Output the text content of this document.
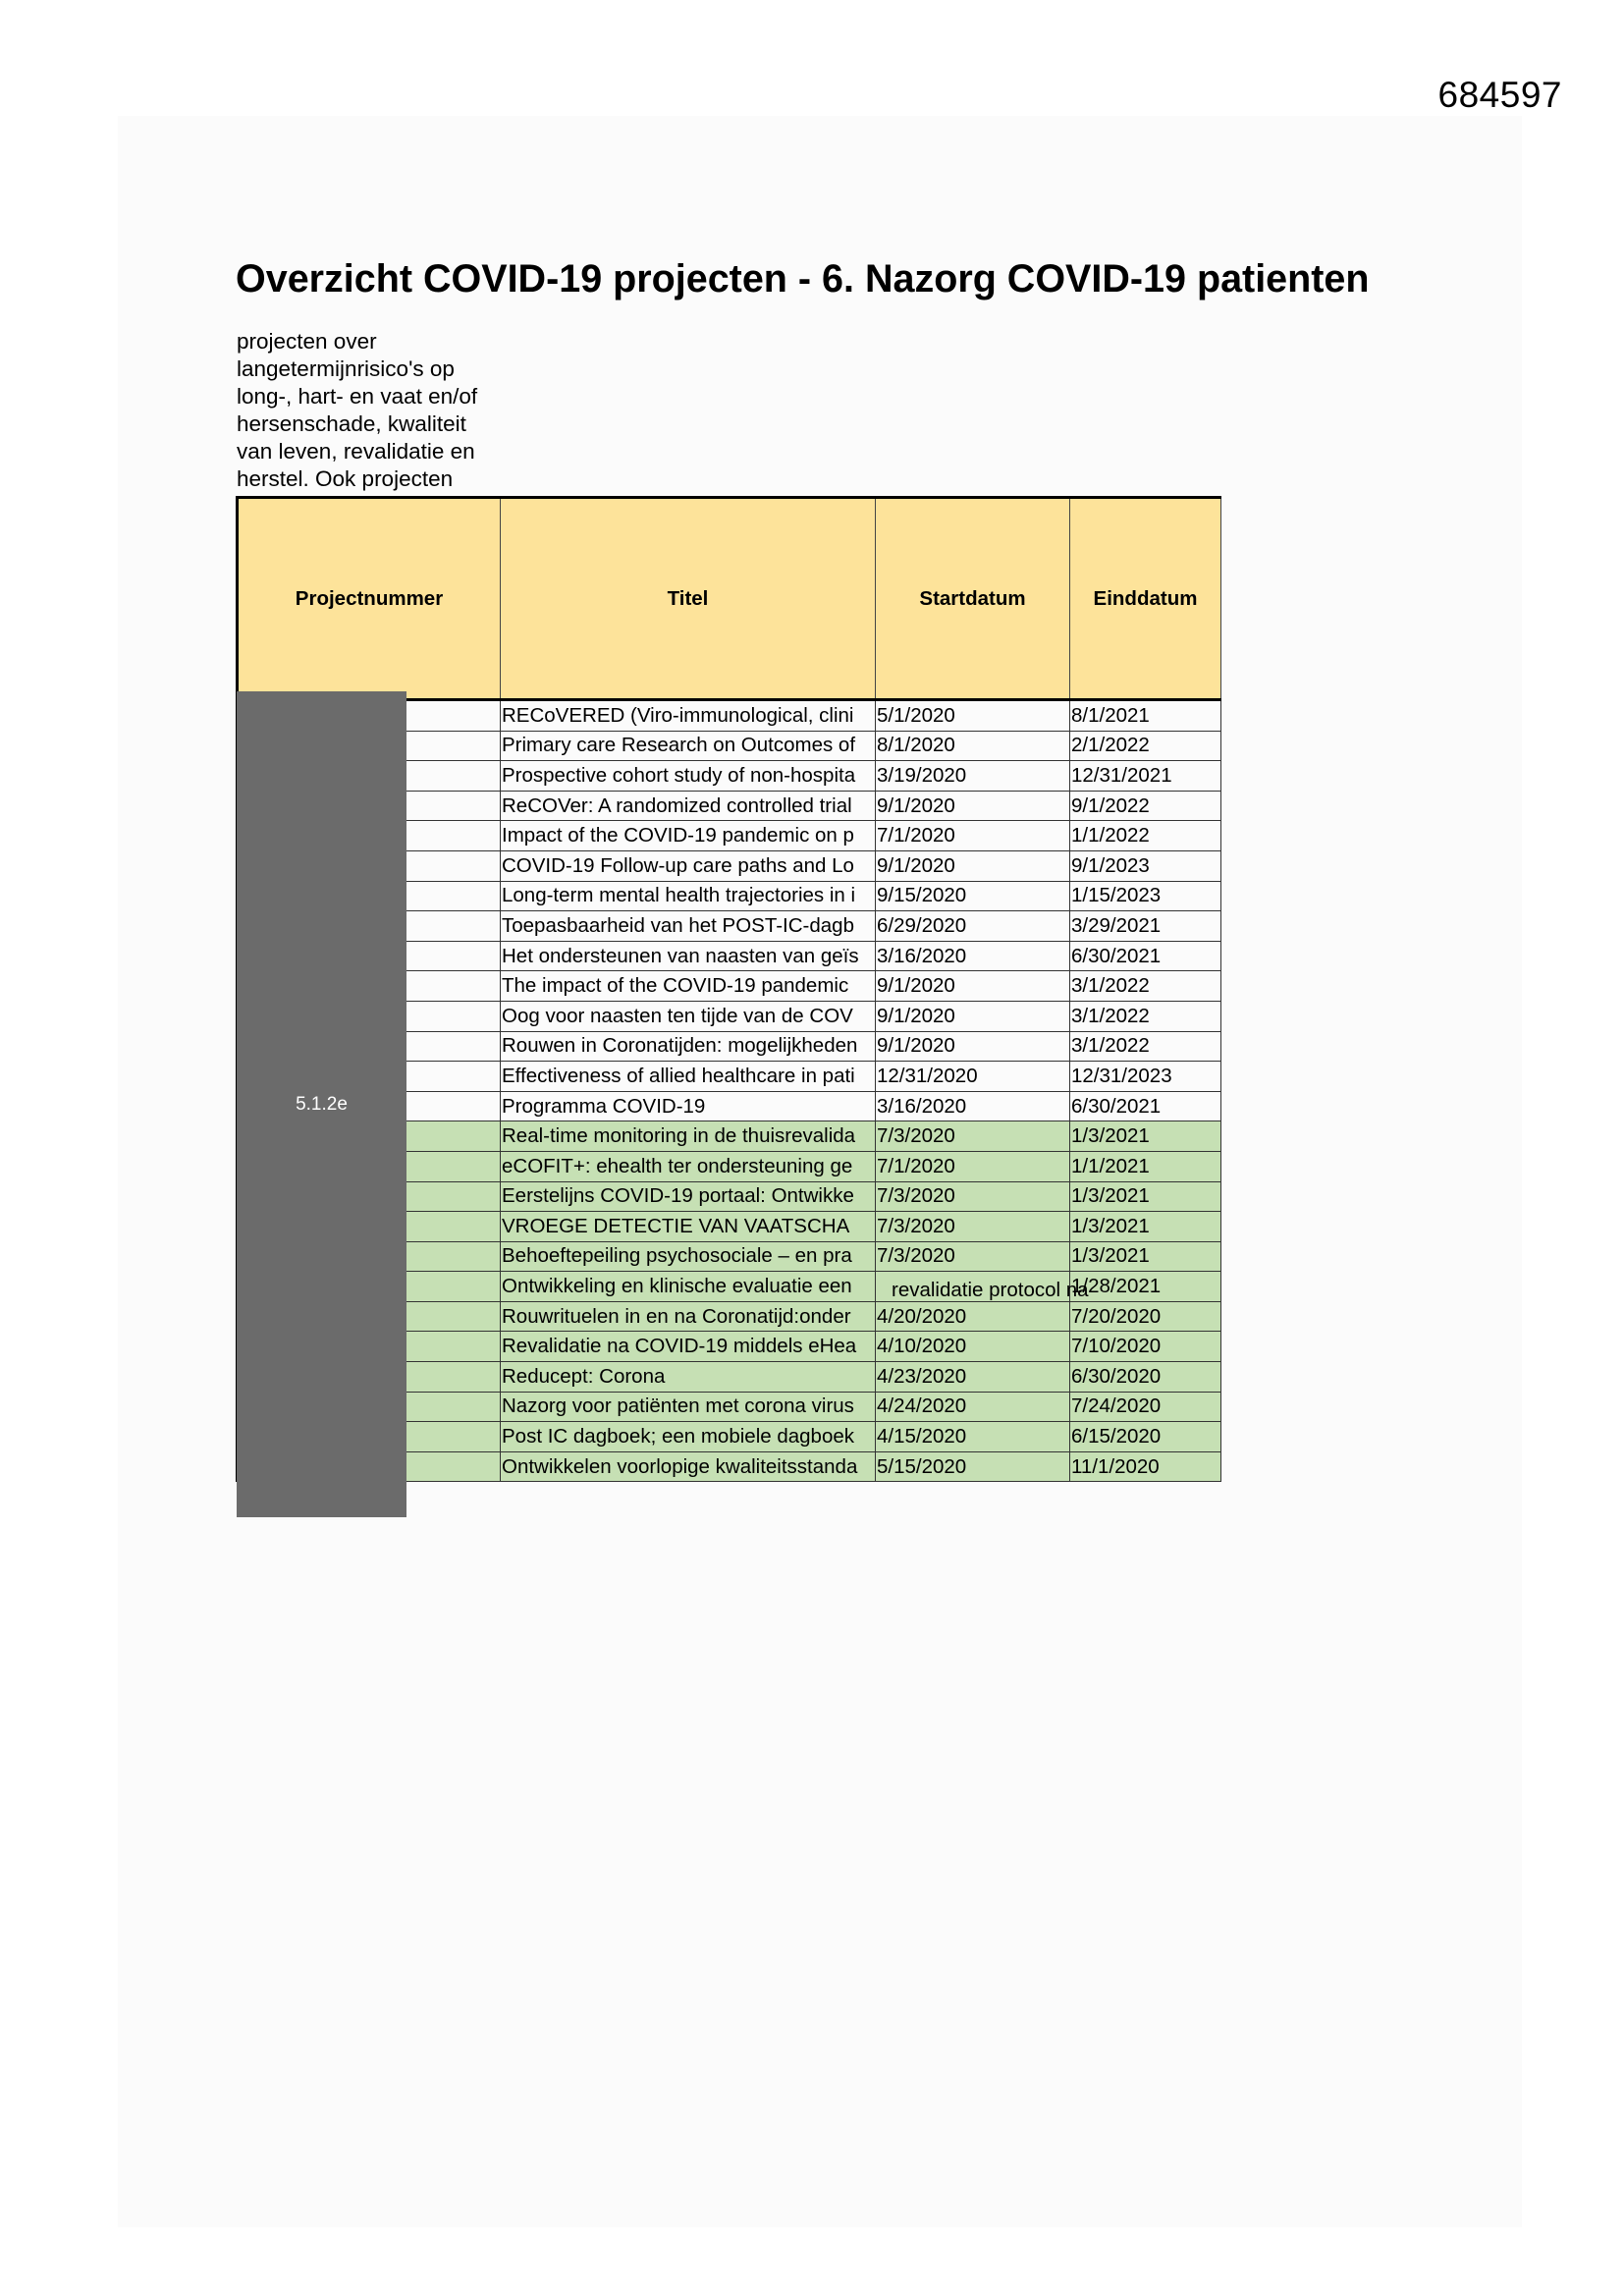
684597
Overzicht COVID-19 projecten - 6. Nazorg COVID-19 patienten
projecten over
langetermijnrisico's op
long-, hart- en vaat en/of
hersenschade, kwaliteit
van leven, revalidatie en
herstel. Ook projecten
Projectnummer	Titel	Startdatum	Einddatum
	RECoVERED (Viro-immunological, clini	5/1/2020	8/1/2021
	Primary care Research on Outcomes of	8/1/2020	2/1/2022
	Prospective cohort study of non-hospita	3/19/2020	12/31/2021
	ReCOVer: A randomized controlled trial	9/1/2020	9/1/2022
	Impact of the COVID-19 pandemic on p	7/1/2020	1/1/2022
	COVID-19 Follow-up care paths and Lo	9/1/2020	9/1/2023
	Long-term mental health trajectories in i	9/15/2020	1/15/2023
	Toepasbaarheid van het POST-IC-dagb	6/29/2020	3/29/2021
	Het ondersteunen van naasten van geïs	3/16/2020	6/30/2021
	The impact of the COVID-19 pandemic	9/1/2020	3/1/2022
	Oog voor naasten ten tijde van de COV	9/1/2020	3/1/2022
	Rouwen in Coronatijden: mogelijkheden	9/1/2020	3/1/2022
	Effectiveness of allied healthcare in pati	12/31/2020	12/31/2023
	Programma COVID-19	3/16/2020	6/30/2021
	Real-time monitoring in de thuisrevalida	7/3/2020	1/3/2021
	eCOFIT+: ehealth ter ondersteuning ge	7/1/2020	1/1/2021
	Eerstelijns COVID-19 portaal: Ontwikke	7/3/2020	1/3/2021
	VROEGE DETECTIE VAN VAATSCHA	7/3/2020	1/3/2021
	Behoeftepeiling psychosociale – en pra	7/3/2020	1/3/2021
	Ontwikkeling en klinische evaluatie een		1/28/2021
	Rouwrituelen in en na Coronatijd:onder	4/20/2020	7/20/2020
	Revalidatie na COVID-19 middels eHea	4/10/2020	7/10/2020
	Reducept: Corona	4/23/2020	6/30/2020
	Nazorg voor patiënten met corona virus	4/24/2020	7/24/2020
	Post IC dagboek; een mobiele dagboek	4/15/2020	6/15/2020
	Ontwikkelen voorlopige kwaliteitsstanda	5/15/2020	11/1/2020
revalidatie protocol na
5.1.2e
